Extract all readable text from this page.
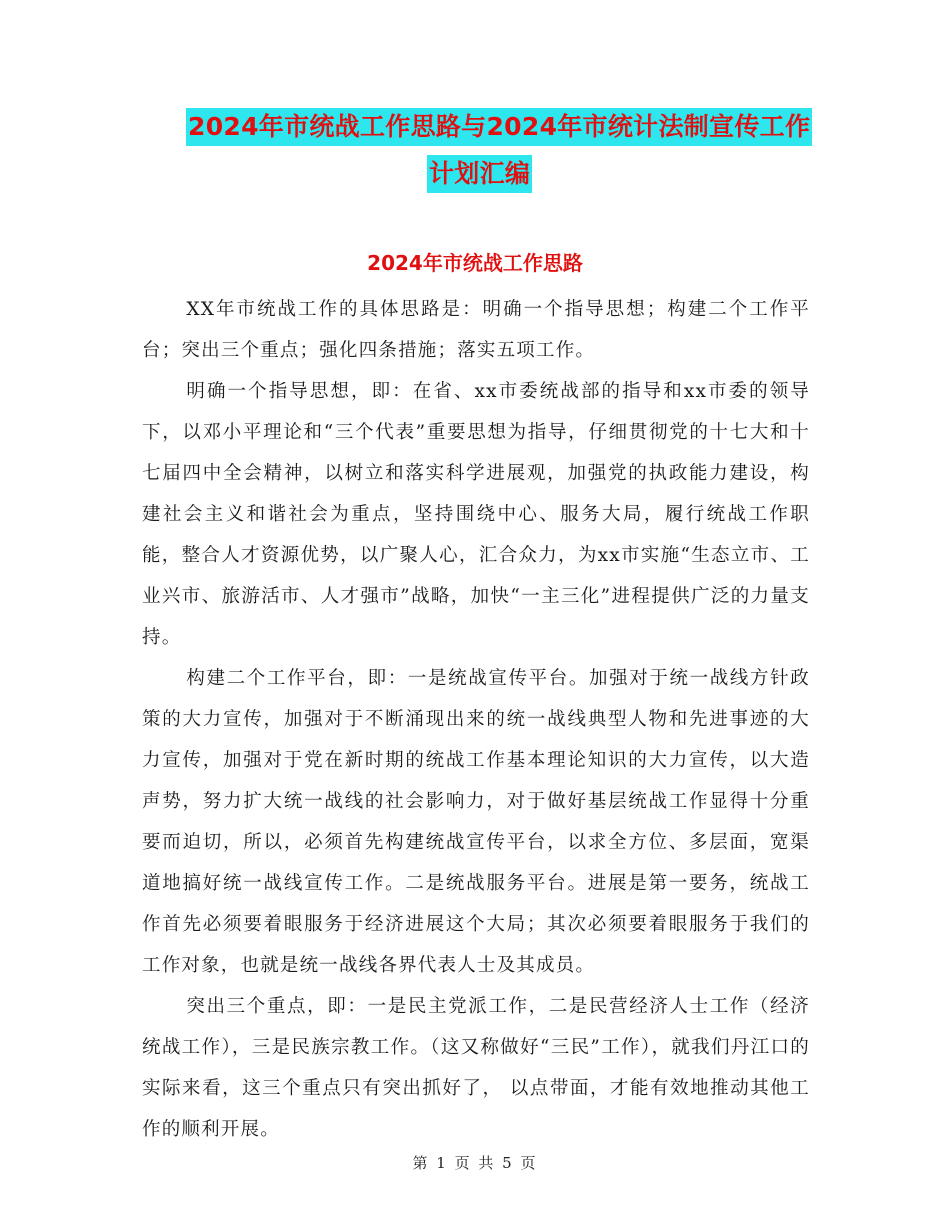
2024年市统战工作思路与2024年市统计法制宣传工作
计划汇编
2024年市统战工作思路

XX年市统战工作的具体思路是：明确一个指导思想；构建二个工作平台；突出三个重点；强化四条措施；落实五项工作。

明确一个指导思想，即：在省、xx市委统战部的指导和xx市委的领导下，以邓小平理论和“三个代表”重要思想为指导，仔细贯彻党的十七大和十七届四中全会精神，以树立和落实科学进展观，加强党的执政能力建设，构建社会主义和谐社会为重点，坚持围绕中心、服务大局，履行统战工作职能，整合人才资源优势，以广聚人心，汇合众力，为xx市实施“生态立市、工业兴市、旅游活市、人才强市”战略，加快“一主三化”进程提供广泛的力量支持。

构建二个工作平台，即：一是统战宣传平台。加强对于统一战线方针政策的大力宣传，加强对于不断涌现出来的统一战线典型人物和先进事迹的大力宣传，加强对于党在新时期的统战工作基本理论知识的大力宣传，以大造声势，努力扩大统一战线的社会影响力，对于做好基层统战工作显得十分重要而迫切，所以，必须首先构建统战宣传平台，以求全方位、多层面，宽渠道地搞好统一战线宣传工作。二是统战服务平台。进展是第一要务，统战工作首先必须要着眼服务于经济进展这个大局；其次必须要着眼服务于我们的工作对象，也就是统一战线各界代表人士及其成员。

突出三个重点，即：一是民主党派工作，二是民营经济人士工作（经济统战工作），三是民族宗教工作。（这又称做好“三民”工作），就我们丹江口的实际来看，这三个重点只有突出抓好了， 以点带面，才能有效地推动其他工作的顺利开展。

第 1 页 共 5 页
